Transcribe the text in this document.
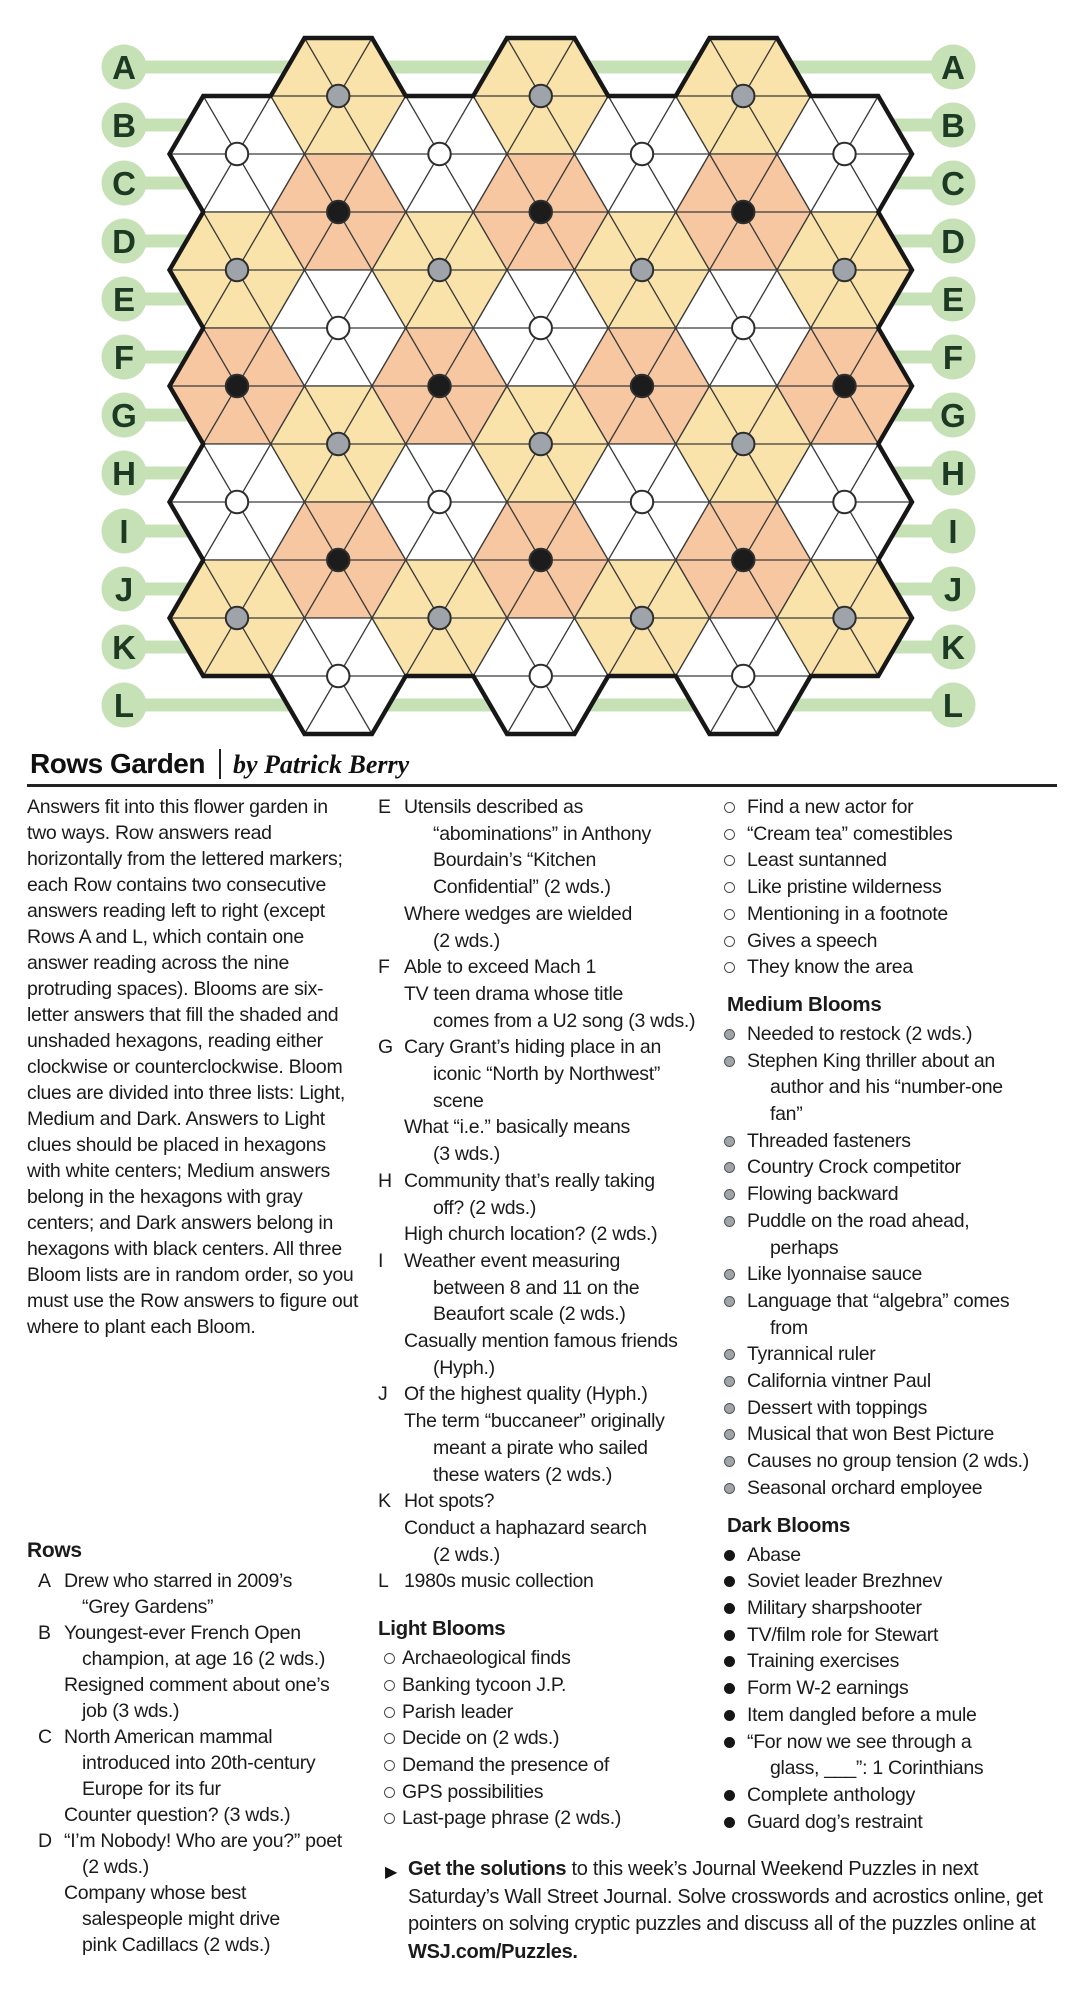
A	A
B	B
C	C
D	D
E	E
F	F
G	G
H	H
I	I
J	J
K	K
L	L
Rows Garden by Patrick Berry

Answers fit into this flower garden in two ways. Row answers read horizontally from the lettered markers; each Row contains two consecutive answers reading left to right (except Rows A and L, which contain one answer reading across the nine protruding spaces). Blooms are six-letter answers that fill the shaded and unshaded hexagons, reading either clockwise or counterclockwise. Bloom clues are divided into three lists: Light, Medium and Dark. Answers to Light clues should be placed in hexagons with white centers; Medium answers belong in the hexagons with gray centers; and Dark answers belong in hexagons with black centers. All three Bloom lists are in random order, so you must use the Row answers to figure out where to plant each Bloom.

Rows
A Drew who starred in 2009’s
“Grey Gardens”
B Youngest-ever French Open
champion, at age 16 (2 wds.)
Resigned comment about one’s
job (3 wds.)
C North American mammal
introduced into 20th-century
Europe for its fur
Counter question? (3 wds.)
D “I’m Nobody! Who are you?” poet
(2 wds.)
Company whose best
salespeople might drive
pink Cadillacs (2 wds.)
E Utensils described as
“abominations” in Anthony
Bourdain’s “Kitchen
Confidential” (2 wds.)
Where wedges are wielded
(2 wds.)
F Able to exceed Mach 1
TV teen drama whose title
comes from a U2 song (3 wds.)
G Cary Grant’s hiding place in an
iconic “North by Northwest”
scene
What “i.e.” basically means
(3 wds.)
H Community that’s really taking
off? (2 wds.)
High church location? (2 wds.)
I Weather event measuring
between 8 and 11 on the
Beaufort scale (2 wds.)
Casually mention famous friends
(Hyph.)
J Of the highest quality (Hyph.)
The term “buccaneer” originally
meant a pirate who sailed
these waters (2 wds.)
K Hot spots?
Conduct a haphazard search
(2 wds.)
L 1980s music collection
Light Blooms
Archaeological finds
Banking tycoon J.P.
Parish leader
Decide on (2 wds.)
Demand the presence of
GPS possibilities
Last-page phrase (2 wds.)
Find a new actor for
“Cream tea” comestibles
Least suntanned
Like pristine wilderness
Mentioning in a footnote
Gives a speech
They know the area
Medium Blooms
Needed to restock (2 wds.)
Stephen King thriller about an
author and his “number-one
fan”
Threaded fasteners
Country Crock competitor
Flowing backward
Puddle on the road ahead,
perhaps
Like lyonnaise sauce
Language that “algebra” comes
from
Tyrannical ruler
California vintner Paul
Dessert with toppings
Musical that won Best Picture
Causes no group tension (2 wds.)
Seasonal orchard employee
Dark Blooms
Abase
Soviet leader Brezhnev
Military sharpshooter
TV/film role for Stewart
Training exercises
Form W-2 earnings
Item dangled before a mule
“For now we see through a
glass, ___”: 1 Corinthians
Complete anthology
Guard dog’s restraint
▶ Get the solutions to this week’s Journal Weekend Puzzles in next Saturday’s Wall Street Journal. Solve crosswords and acrostics online, get pointers on solving cryptic puzzles and discuss all of the puzzles online at WSJ.com/Puzzles.
